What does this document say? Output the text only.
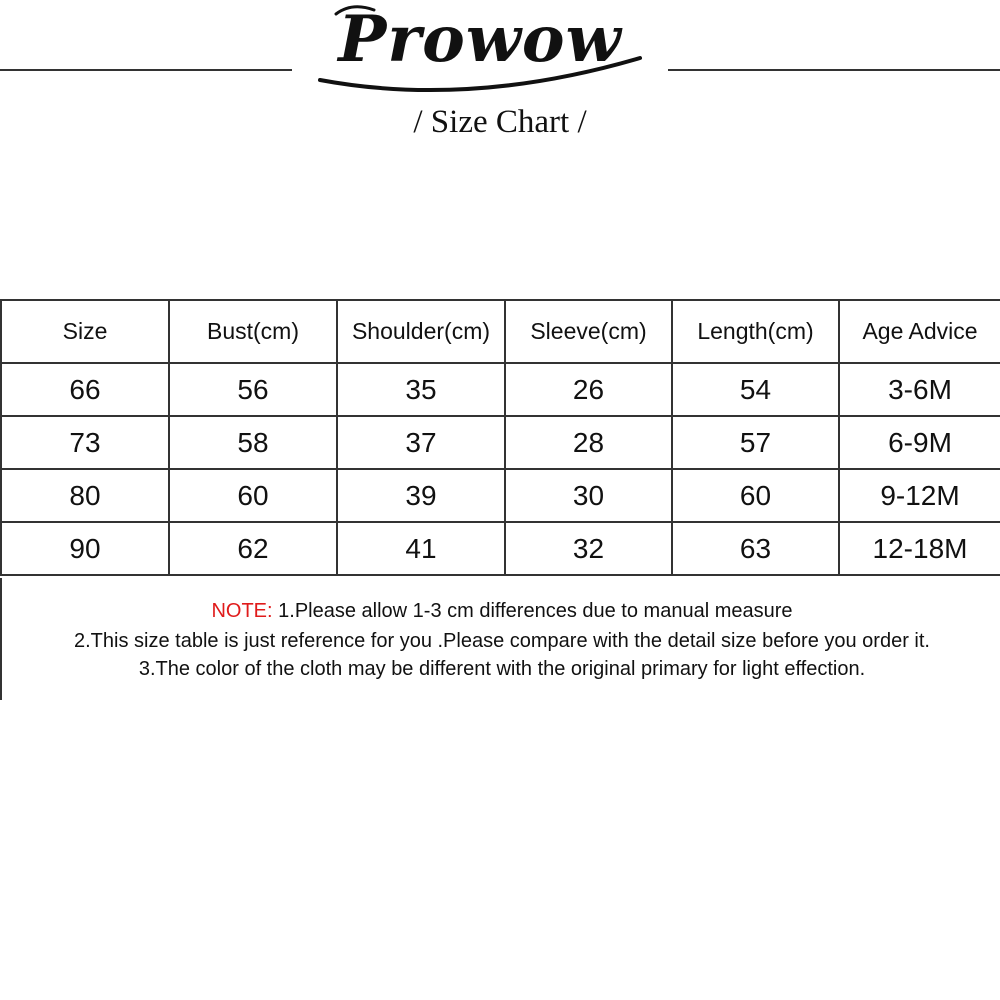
Prowow
/ Size Chart /
Size	Bust(cm)	Shoulder(cm)	Sleeve(cm)	Length(cm)	Age Advice
66	56	35	26	54	3-6M
73	58	37	28	57	6-9M
80	60	39	30	60	9-12M
90	62	41	32	63	12-18M
NOTE: 1.Please allow 1-3 cm differences due to manual measure
2.This size table is just reference for you .Please compare with the detail size before you order it.
3.The color of the cloth may be different with the original primary for light effection.
